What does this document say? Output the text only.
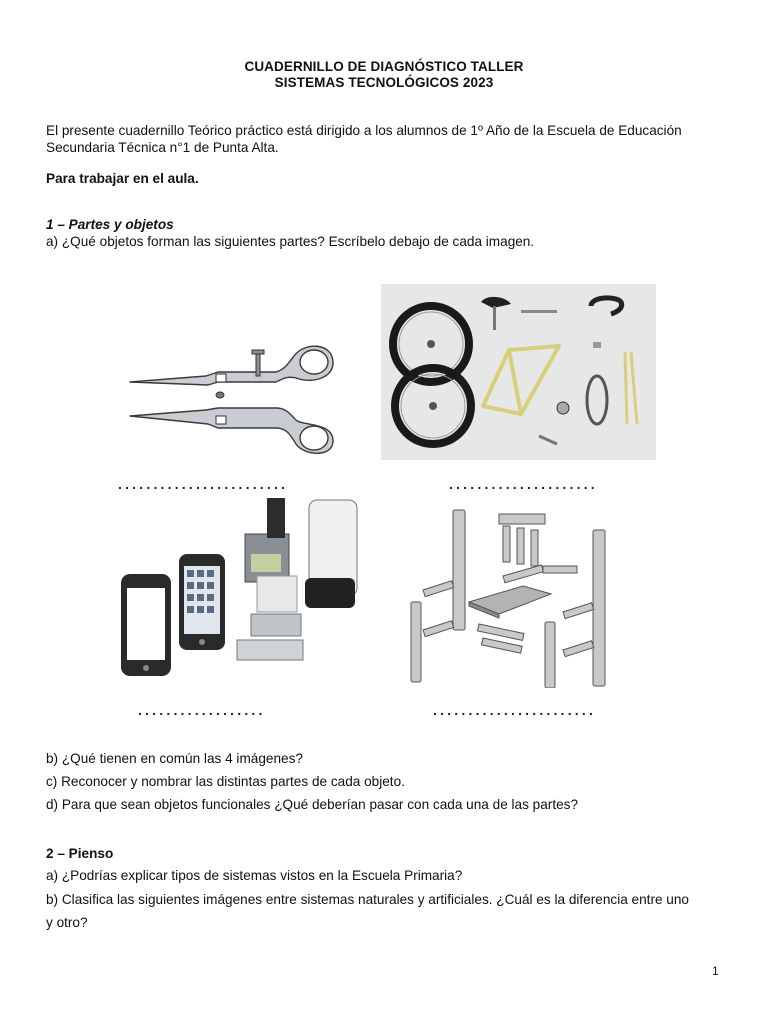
CUADERNILLO DE DIAGNÓSTICO TALLER
SISTEMAS TECNOLÓGICOS 2023
El presente cuadernillo Teórico práctico está dirigido a los alumnos de 1º Año de la Escuela de Educación
Secundaria Técnica n°1 de Punta Alta.
Para trabajar en el aula.
1 – Partes y objetos
a) ¿Qué objetos forman las siguientes partes? Escríbelo debajo de cada imagen.
........................	.....................
..................	.......................
b) ¿Qué tienen en común las 4 imágenes?
c) Reconocer y nombrar las distintas partes de cada objeto.
d) Para que sean objetos funcionales ¿Qué deberían pasar con cada una de las partes?
2 – Pienso
a) ¿Podrías explicar tipos de sistemas vistos en la Escuela Primaria?
b) Clasifica las siguientes imágenes entre sistemas naturales y artificiales. ¿Cuál es la diferencia entre uno
y otro?
1
